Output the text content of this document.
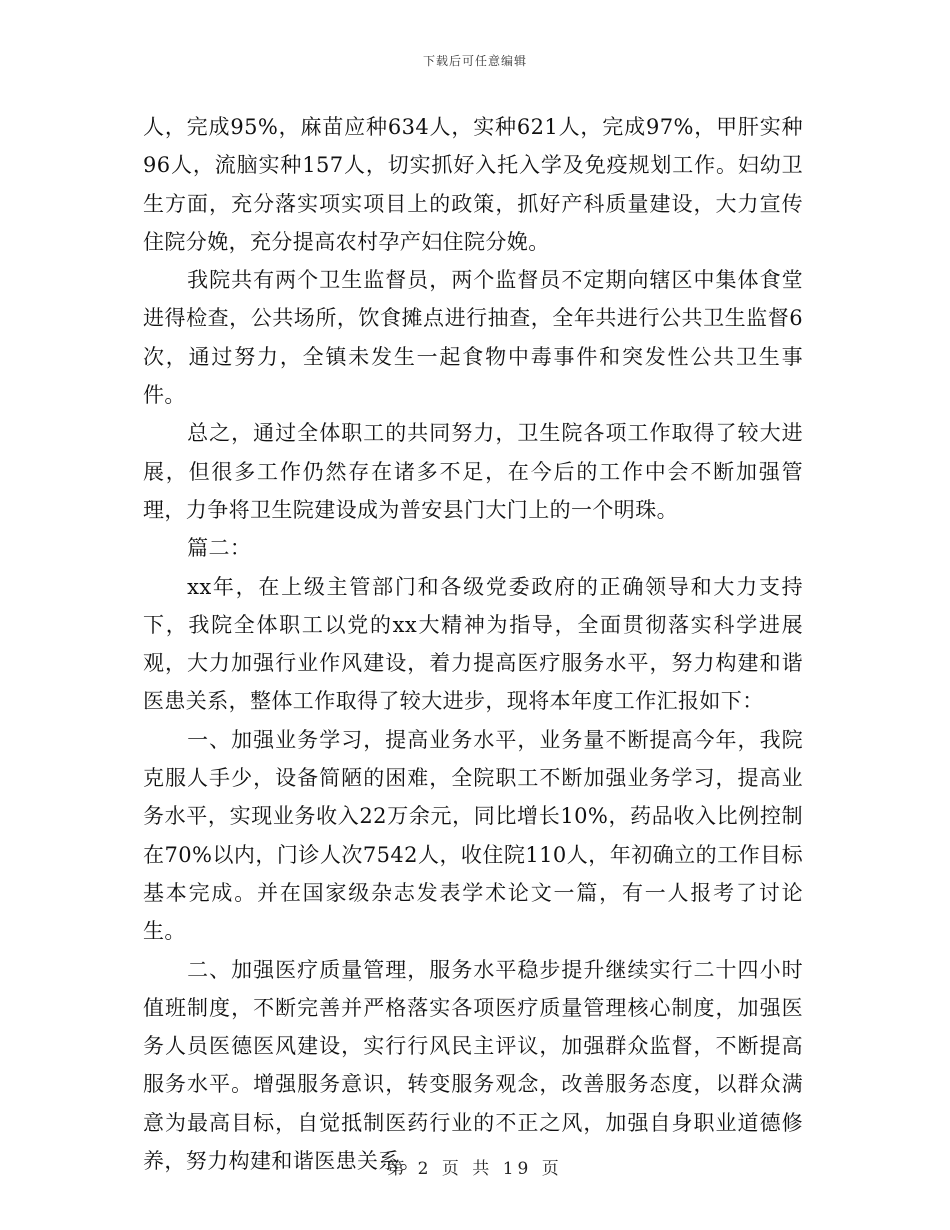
下载后可任意编辑

人，完成95%，麻苗应种634人，实种621人，完成97%，甲肝实种96人，流脑实种157人，切实抓好入托入学及免疫规划工作。妇幼卫生方面，充分落实项实项目上的政策，抓好产科质量建设，大力宣传住院分娩，充分提高农村孕产妇住院分娩。

我院共有两个卫生监督员，两个监督员不定期向辖区中集体食堂进得检查，公共场所，饮食摊点进行抽查，全年共进行公共卫生监督6次，通过努力，全镇未发生一起食物中毒事件和突发性公共卫生事件。

总之，通过全体职工的共同努力，卫生院各项工作取得了较大进展，但很多工作仍然存在诸多不足，在今后的工作中会不断加强管理，力争将卫生院建设成为普安县门大门上的一个明珠。

篇二：

xx年，在上级主管部门和各级党委政府的正确领导和大力支持下，我院全体职工以党的xx大精神为指导，全面贯彻落实科学进展观，大力加强行业作风建设，着力提高医疗服务水平，努力构建和谐医患关系，整体工作取得了较大进步，现将本年度工作汇报如下：

一、加强业务学习，提高业务水平，业务量不断提高今年，我院克服人手少，设备简陋的困难，全院职工不断加强业务学习，提高业务水平，实现业务收入22万余元，同比增长10%，药品收入比例控制在70%以内，门诊人次7542人，收住院110人，年初确立的工作目标基本完成。并在国家级杂志发表学术论文一篇，有一人报考了讨论生。

二、加强医疗质量管理，服务水平稳步提升继续实行二十四小时值班制度，不断完善并严格落实各项医疗质量管理核心制度，加强医务人员医德医风建设，实行行风民主评议，加强群众监督，不断提高服务水平。增强服务意识，转变服务观念，改善服务态度，以群众满意为最高目标，自觉抵制医药行业的不正之风，加强自身职业道德修养，努力构建和谐医患关系。

第 2 页 共 19 页
